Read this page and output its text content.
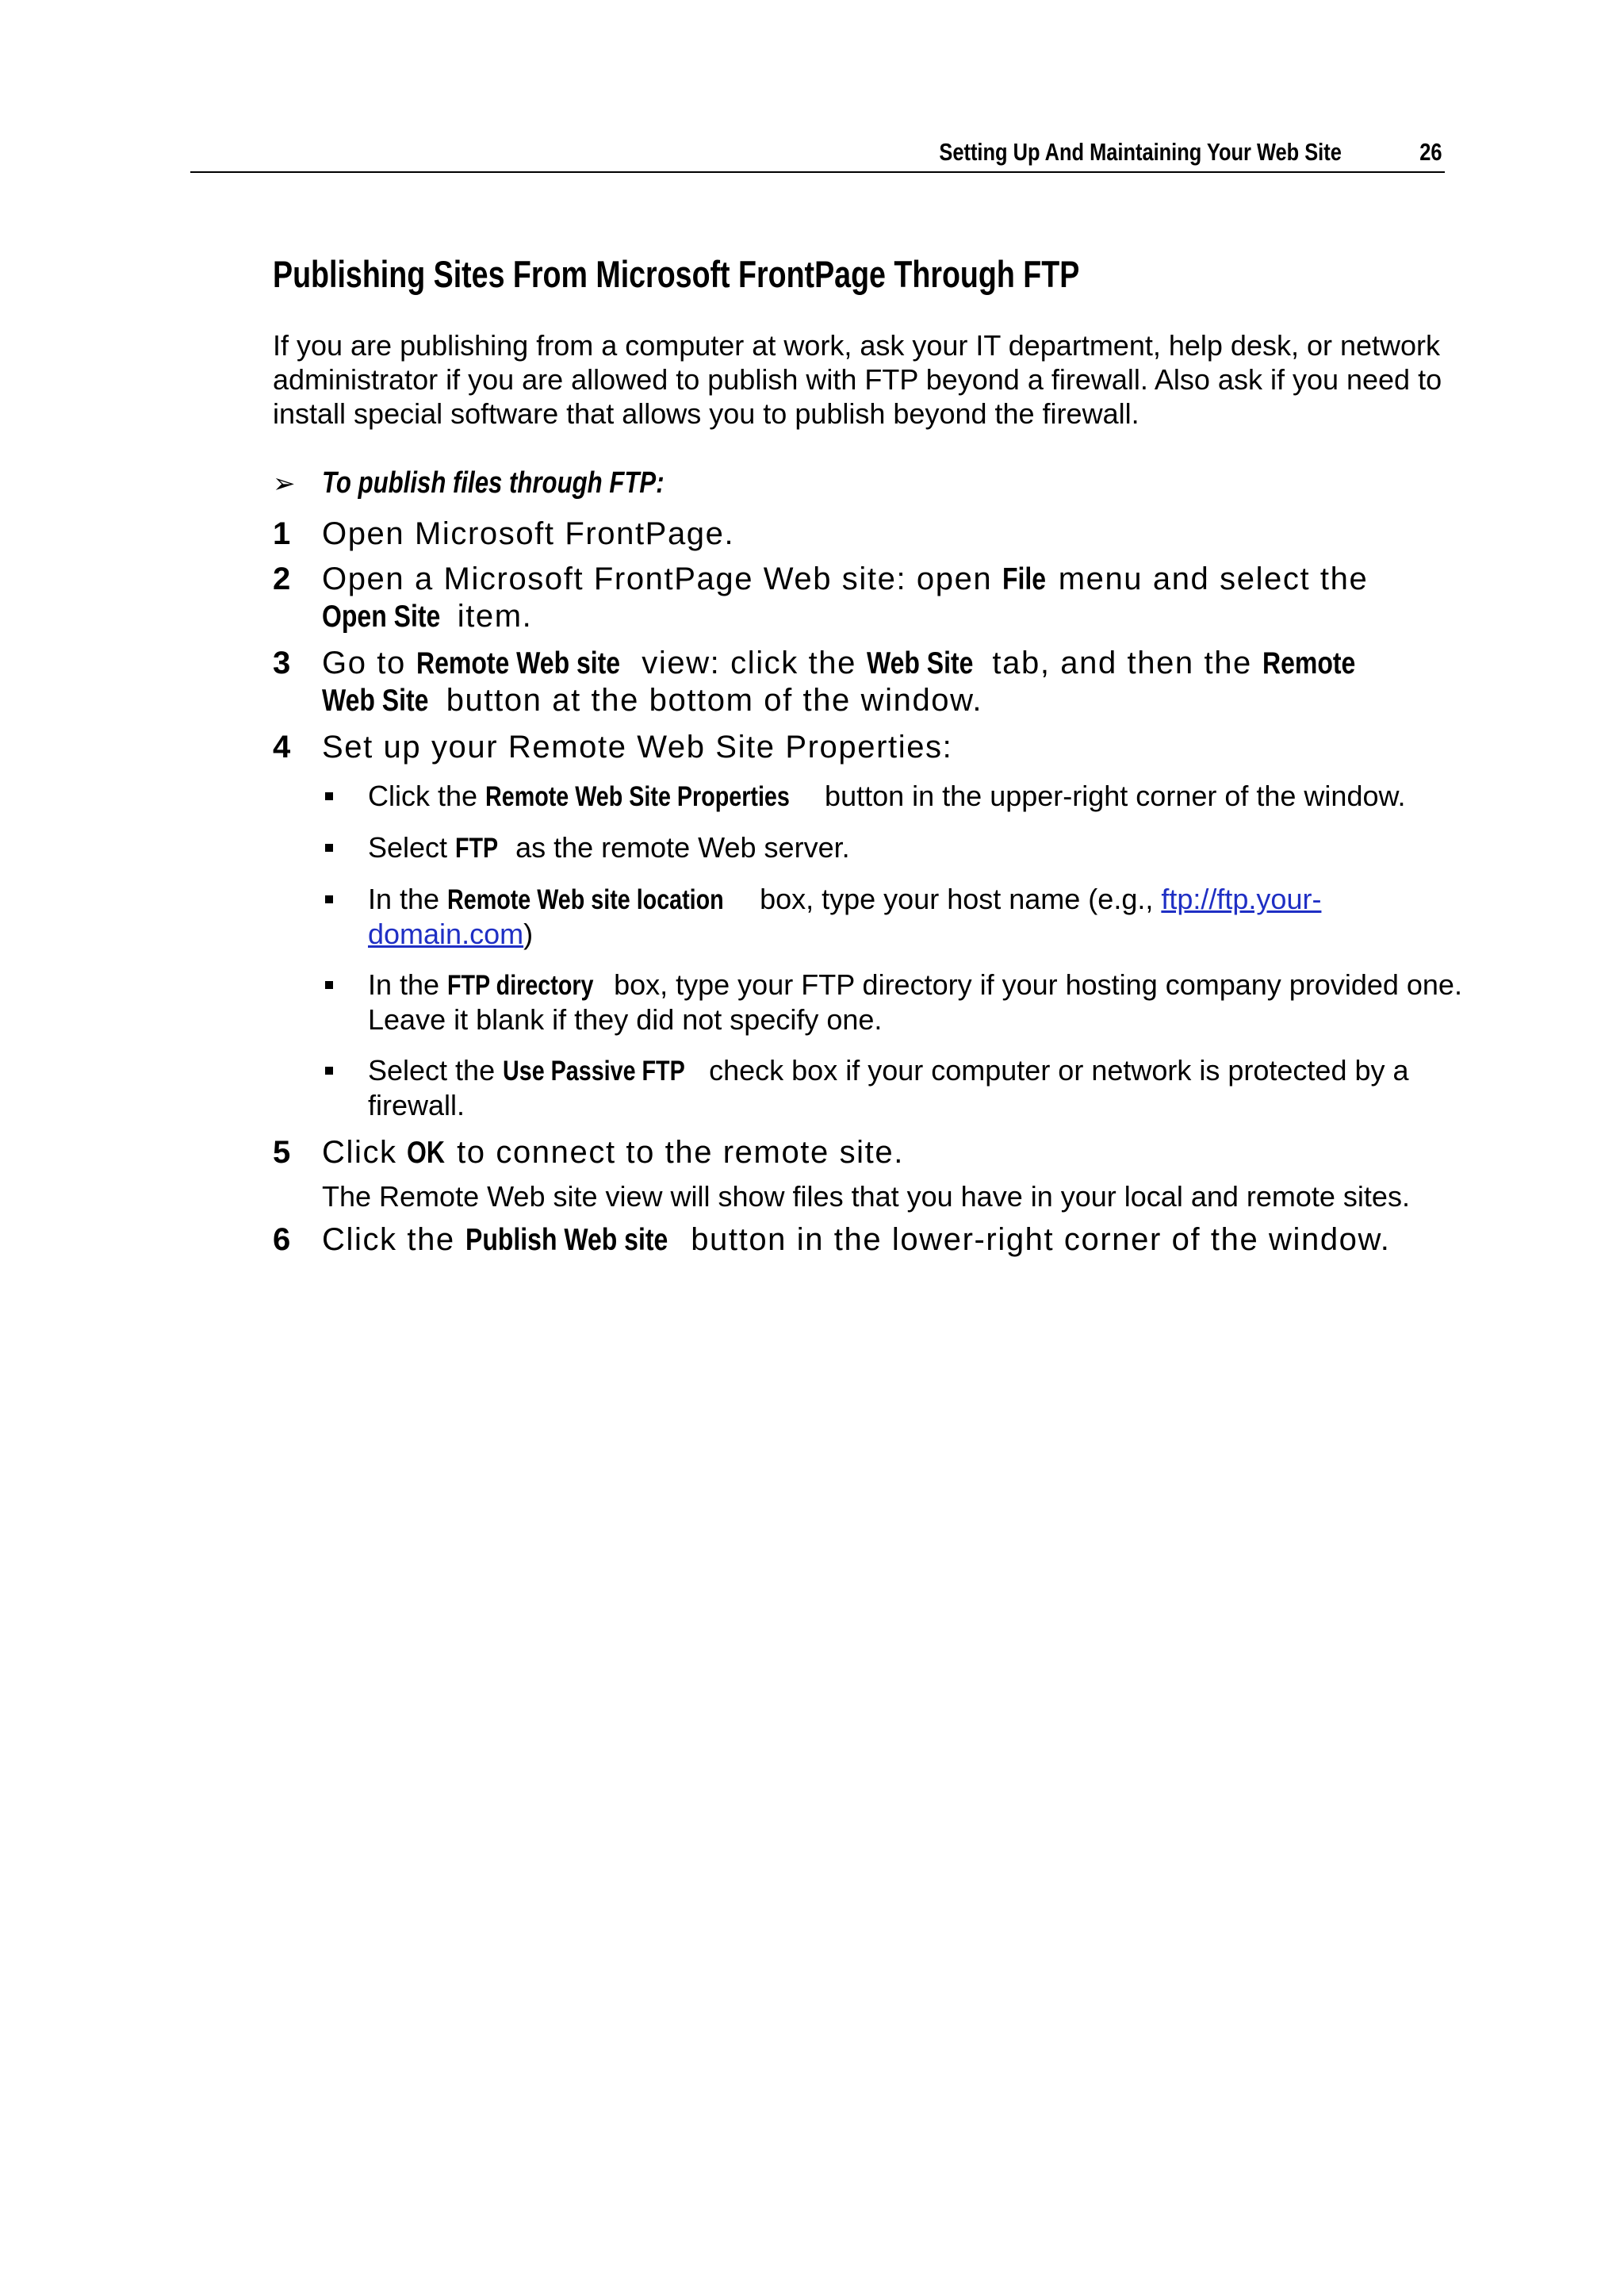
Setting Up And Maintaining Your Web Site	26
Publishing Sites From Microsoft FrontPage Through FTP

If you are publishing from a computer at work, ask your IT department, help desk, or network administrator if you are allowed to publish with FTP beyond a firewall. Also ask if you need to install special software that allows you to publish beyond the firewall.

➢ To publish files through FTP:
1 Open Microsoft FrontPage.
2 Open a Microsoft FrontPage Web site: open File menu and select the
Open Site item.
3 Go to Remote Web site view: click the Web Site tab, and then the Remote
Web Site button at the bottom of the window.
4 Set up your Remote Web Site Properties:
Click the Remote Web Site Properties button in the upper-right corner of the window.
Select FTP as the remote Web server.
In the Remote Web site location box, type your host name (e.g., ftp://ftp.your-domain.com)
In the FTP directory box, type your FTP directory if your hosting company provided one. Leave it blank if they did not specify one.
Select the Use Passive FTP check box if your computer or network is protected by a firewall.
5 Click OK to connect to the remote site.

The Remote Web site view will show files that you have in your local and remote sites.

6 Click the Publish Web site button in the lower-right corner of the window.
